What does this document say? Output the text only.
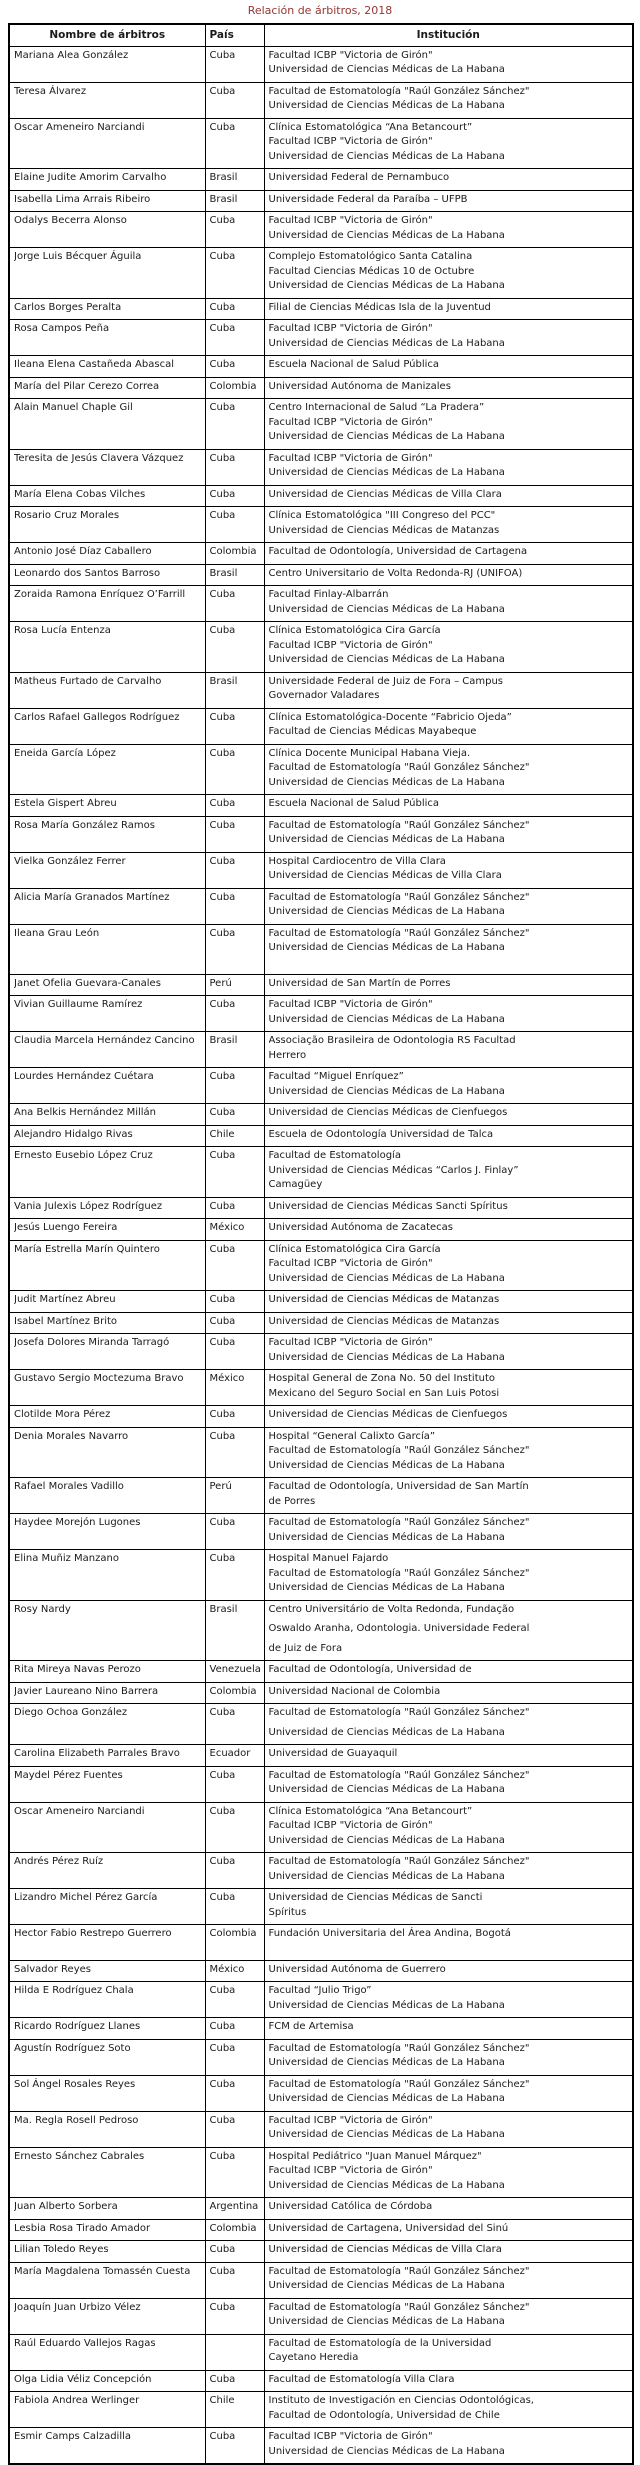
Relación de árbitros, 2018
Nombre de árbitros	País	Institución

Mariana Alea González	Cuba	Facultad ICBP "Victoria de Girón"
Universidad de Ciencias Médicas de La Habana

Teresa Álvarez	Cuba	Facultad de Estomatología "Raúl González Sánchez"
Universidad de Ciencias Médicas de La Habana

Oscar Ameneiro Narciandi	Cuba	Clínica Estomatológica “Ana Betancourt”
Facultad ICBP "Victoria de Girón"
Universidad de Ciencias Médicas de La Habana

Elaine Judite Amorim Carvalho	Brasil	Universidad Federal de Pernambuco

Isabella Lima Arrais Ribeiro	Brasil	Universidade Federal da Paraíba – UFPB

Odalys Becerra Alonso	Cuba	Facultad ICBP "Victoria de Girón"
Universidad de Ciencias Médicas de La Habana

Jorge Luis Bécquer Águila	Cuba	Complejo Estomatológico Santa Catalina
Facultad Ciencias Médicas 10 de Octubre
Universidad de Ciencias Médicas de La Habana

Carlos Borges Peralta	Cuba	Filial de Ciencias Médicas Isla de la Juventud

Rosa Campos Peña	Cuba	Facultad ICBP "Victoria de Girón"
Universidad de Ciencias Médicas de La Habana

Ileana Elena Castañeda Abascal	Cuba	Escuela Nacional de Salud Pública

María del Pilar Cerezo Correa	Colombia	Universidad Autónoma de Manizales

Alain Manuel Chaple Gil	Cuba	Centro Internacional de Salud “La Pradera”
Facultad ICBP "Victoria de Girón"
Universidad de Ciencias Médicas de La Habana

Teresita de Jesús Clavera Vázquez	Cuba	Facultad ICBP "Victoria de Girón"
Universidad de Ciencias Médicas de La Habana

María Elena Cobas Vilches	Cuba	Universidad de Ciencias Médicas de Villa Clara

Rosario Cruz Morales	Cuba	Clínica Estomatológica "III Congreso del PCC"
Universidad de Ciencias Médicas de Matanzas

Antonio José Díaz Caballero	Colombia	Facultad de Odontología, Universidad de Cartagena

Leonardo dos Santos Barroso	Brasil	Centro Universitario de Volta Redonda-RJ (UNIFOA)

Zoraida Ramona Enríquez O’Farrill	Cuba	Facultad Finlay-Albarrán
Universidad de Ciencias Médicas de La Habana

Rosa Lucía Entenza	Cuba	Clínica Estomatológica Cira García
Facultad ICBP "Victoria de Girón"
Universidad de Ciencias Médicas de La Habana

Matheus Furtado de Carvalho	Brasil	Universidade Federal de Juiz de Fora – Campus
Governador Valadares

Carlos Rafael Gallegos Rodríguez	Cuba	Clínica Estomatológica-Docente “Fabricio Ojeda”
Facultad de Ciencias Médicas Mayabeque

Eneida García López	Cuba	Clínica Docente Municipal Habana Vieja.
Facultad de Estomatología "Raúl González Sánchez"
Universidad de Ciencias Médicas de La Habana

Estela Gispert Abreu	Cuba	Escuela Nacional de Salud Pública

Rosa María González Ramos	Cuba	Facultad de Estomatología "Raúl González Sánchez"
Universidad de Ciencias Médicas de La Habana

Vielka González Ferrer	Cuba	Hospital Cardiocentro de Villa Clara
Universidad de Ciencias Médicas de Villa Clara

Alicia María Granados Martínez	Cuba	Facultad de Estomatología "Raúl González Sánchez"
Universidad de Ciencias Médicas de La Habana

Ileana Grau León	Cuba	Facultad de Estomatología "Raúl González Sánchez"
Universidad de Ciencias Médicas de La Habana

Janet Ofelia Guevara-Canales	Perú	Universidad de San Martín de Porres

Vivian Guillaume Ramírez	Cuba	Facultad ICBP "Victoria de Girón"
Universidad de Ciencias Médicas de La Habana

Claudia Marcela Hernández Cancino	Brasil	Associação Brasileira de Odontologia RS Facultad
Herrero

Lourdes Hernández Cuétara	Cuba	Facultad “Miguel Enríquez”
Universidad de Ciencias Médicas de La Habana

Ana Belkis Hernández Millán	Cuba	Universidad de Ciencias Médicas de Cienfuegos

Alejandro Hidalgo Rivas	Chile	Escuela de Odontología Universidad de Talca

Ernesto Eusebio López Cruz	Cuba	Facultad de Estomatología
Universidad de Ciencias Médicas “Carlos J. Finlay”
Camagüey

Vania Julexis López Rodríguez	Cuba	Universidad de Ciencias Médicas Sancti Spíritus

Jesús Luengo Fereira	México	Universidad Autónoma de Zacatecas

María Estrella Marín Quintero	Cuba	Clínica Estomatológica Cira García
Facultad ICBP "Victoria de Girón"
Universidad de Ciencias Médicas de La Habana

Judit Martínez Abreu	Cuba	Universidad de Ciencias Médicas de Matanzas

Isabel Martínez Brito	Cuba	Universidad de Ciencias Médicas de Matanzas

Josefa Dolores Miranda Tarragó	Cuba	Facultad ICBP "Victoria de Girón"
Universidad de Ciencias Médicas de La Habana

Gustavo Sergio Moctezuma Bravo	México	Hospital General de Zona No. 50 del Instituto
Mexicano del Seguro Social en San Luis Potosi

Clotilde Mora Pérez	Cuba	Universidad de Ciencias Médicas de Cienfuegos

Denia Morales Navarro	Cuba	Hospital “General Calixto García”
Facultad de Estomatología "Raúl González Sánchez"
Universidad de Ciencias Médicas de La Habana

Rafael Morales Vadillo	Perú	Facultad de Odontología, Universidad de San Martín
de Porres

Haydee Morejón Lugones	Cuba	Facultad de Estomatología "Raúl González Sánchez"
Universidad de Ciencias Médicas de La Habana

Elina Muñiz Manzano	Cuba	Hospital Manuel Fajardo
Facultad de Estomatología "Raúl González Sánchez"
Universidad de Ciencias Médicas de La Habana

Rosy Nardy	Brasil	Centro Universitário de Volta Redonda, Fundação
Oswaldo Aranha, Odontologia. Universidade Federal
de Juiz de Fora

Rita Mireya Navas Perozo	Venezuela	Facultad de Odontología, Universidad de

Javier Laureano Nino Barrera	Colombia	Universidad Nacional de Colombia

Diego Ochoa González	Cuba	Facultad de Estomatología "Raúl González Sánchez"
Universidad de Ciencias Médicas de La Habana

Carolina Elizabeth Parrales Bravo	Ecuador	Universidad de Guayaquil

Maydel Pérez Fuentes	Cuba	Facultad de Estomatología "Raúl González Sánchez"
Universidad de Ciencias Médicas de La Habana

Oscar Ameneiro Narciandi	Cuba	Clínica Estomatológica “Ana Betancourt”
Facultad ICBP "Victoria de Girón"
Universidad de Ciencias Médicas de La Habana

Andrés Pérez Ruíz	Cuba	Facultad de Estomatología "Raúl González Sánchez"
Universidad de Ciencias Médicas de La Habana

Lizandro Michel Pérez García	Cuba	Universidad de Ciencias Médicas de Sancti
Spíritus

Hector Fabio Restrepo Guerrero	Colombia	Fundación Universitaria del Área Andina, Bogotá

Salvador Reyes	México	Universidad Autónoma de Guerrero

Hilda E Rodríguez Chala	Cuba	Facultad “Julio Trigo”
Universidad de Ciencias Médicas de La Habana

Ricardo Rodríguez Llanes	Cuba	FCM de Artemisa

Agustín Rodríguez Soto	Cuba	Facultad de Estomatología "Raúl González Sánchez"
Universidad de Ciencias Médicas de La Habana

Sol Ángel Rosales Reyes	Cuba	Facultad de Estomatología "Raúl González Sánchez"
Universidad de Ciencias Médicas de La Habana

Ma. Regla Rosell Pedroso	Cuba	Facultad ICBP "Victoria de Girón"
Universidad de Ciencias Médicas de La Habana

Ernesto Sánchez Cabrales	Cuba	Hospital Pediátrico "Juan Manuel Márquez"
Facultad ICBP "Victoria de Girón"
Universidad de Ciencias Médicas de La Habana

Juan Alberto Sorbera	Argentina	Universidad Católica de Córdoba

Lesbia Rosa Tirado Amador	Colombia	Universidad de Cartagena, Universidad del Sinú

Lilian Toledo Reyes	Cuba	Universidad de Ciencias Médicas de Villa Clara

María Magdalena Tomassén Cuesta	Cuba	Facultad de Estomatología "Raúl González Sánchez"
Universidad de Ciencias Médicas de La Habana

Joaquín Juan Urbizo Vélez	Cuba	Facultad de Estomatología "Raúl González Sánchez"
Universidad de Ciencias Médicas de La Habana

Raúl Eduardo Vallejos Ragas		Facultad de Estomatología de la Universidad
Cayetano Heredia

Olga Lidia Véliz Concepción	Cuba	Facultad de Estomatología Villa Clara

Fabiola Andrea Werlinger	Chile	Instituto de Investigación en Ciencias Odontológicas,
Facultad de Odontología, Universidad de Chile

Esmir Camps Calzadilla	Cuba	Facultad ICBP "Victoria de Girón"
Universidad de Ciencias Médicas de La Habana
